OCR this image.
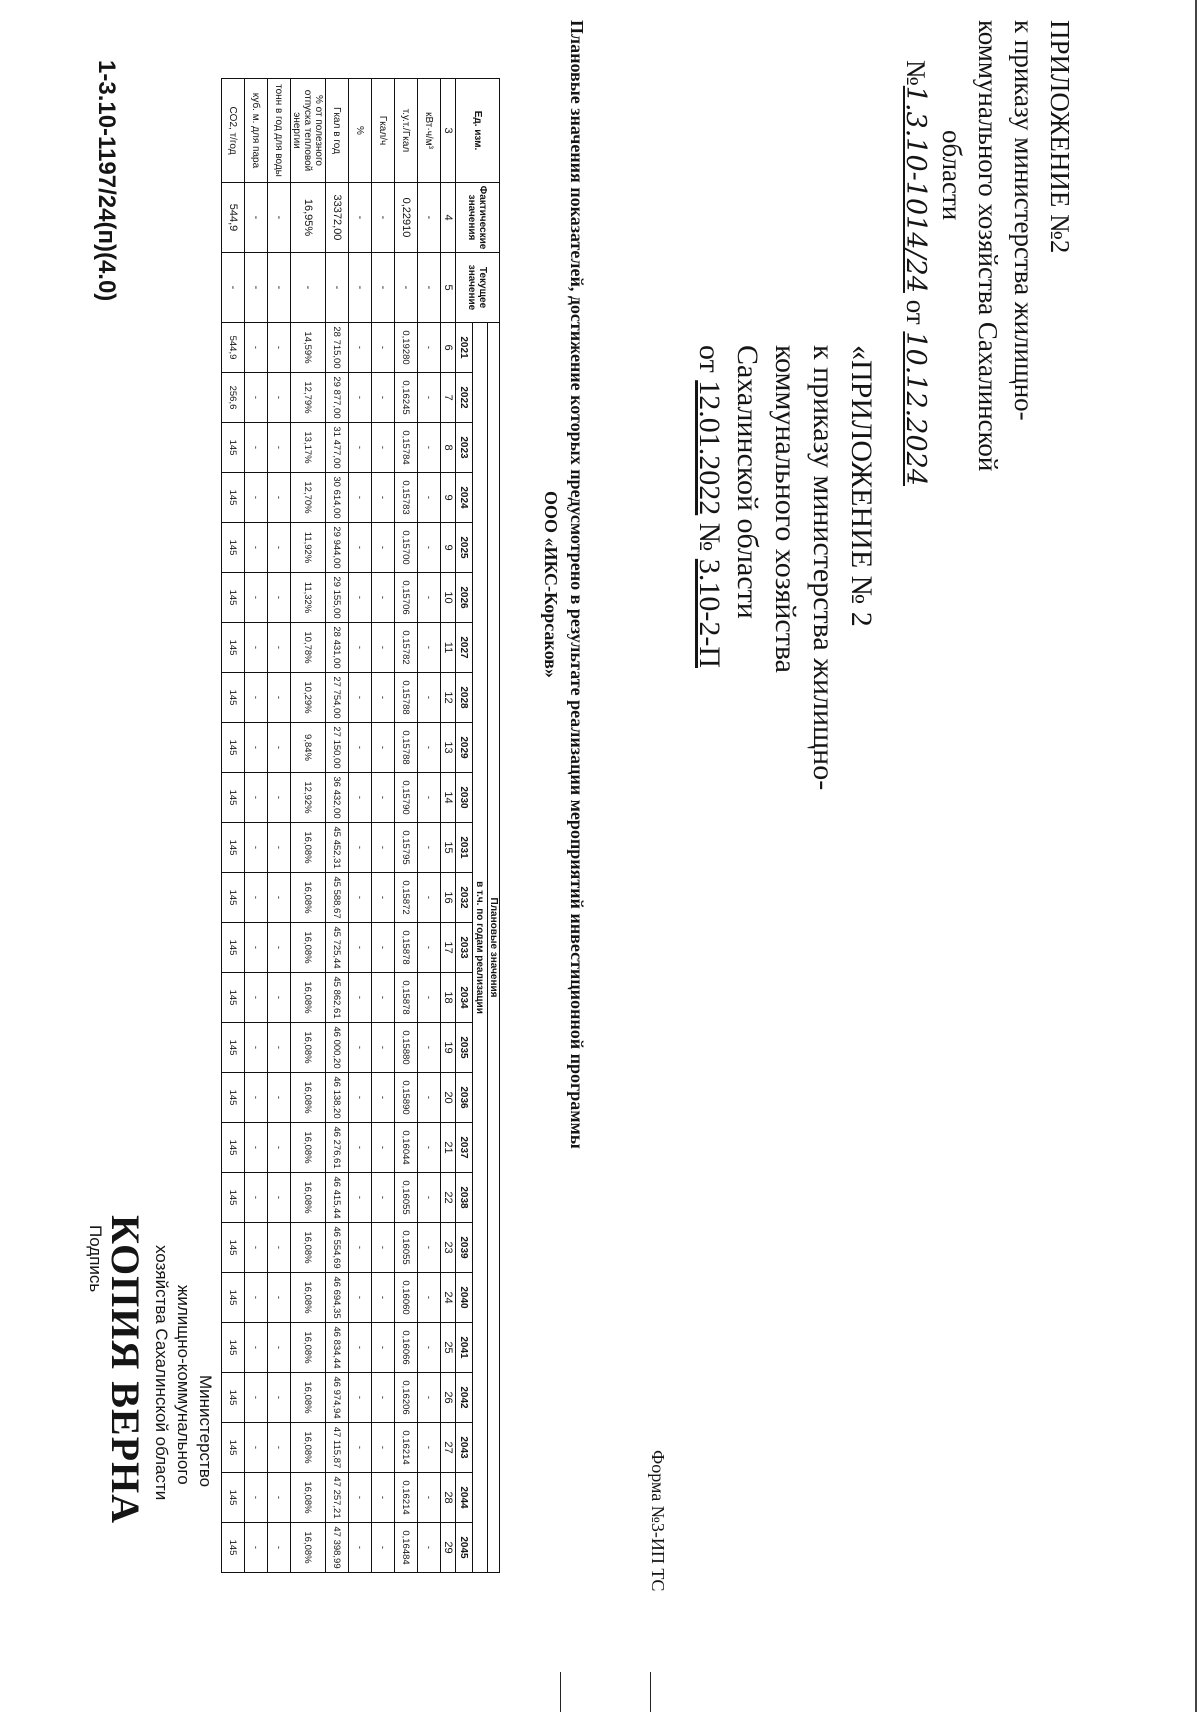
ПРИЛОЖЕНИЕ №2
к приказу министерства жилищно-
коммунального хозяйства Сахалинской
области
№1.3.10-1014/24 от 10.12.2024
«ПРИЛОЖЕНИЕ № 2
к приказу министерства жилищно-
коммунального хозяйства
Сахалинской области
от 12.01.2022 № 3.10-2-П
Форма №3-ИП ТС
Плановые значения показателей, достижение которых предусмотрено в результате реализации мероприятий инвестиционной программы
ООО «ИКС-Корсаков»
Ед. изм.	Фактические значения	Текущее значение	Плановые значения																								
			в т.ч. по годам реализации																								
			2021	2022	2023	2024	2025	2026	2027	2028	2029	2030	2031	2032	2033	2034	2035	2036	2037	2038	2039	2040	2041	2042	2043	2044	2045
3	4	5	6	7	8	9	9	10	11	12	13	14	15	16	17	18	19	20	21	22	23	24	25	26	27	28	29
кВт·ч/м³	-	-	-	-	-	-	-	-	-	-	-	-	-	-	-	-	-	-	-	-	-	-	-	-	-	-	-
т.у.т./Гкал	0,22910	-	0,19280	0,16245	0,15784	0,15783	0,15700	0,15706	0,15782	0,15788	0,15788	0,15790	0,15795	0,15872	0,15878	0,15878	0,15880	0,15890	0,16044	0,16055	0,16055	0,16060	0,16066	0,16206	0,16214	0,16214	0,16484
Гкал/ч	-	-	-	-	-	-	-	-	-	-	-	-	-	-	-	-	-	-	-	-	-	-	-	-	-	-	-
%	-	-	-	-	-	-	-	-	-	-	-	-	-	-	-	-	-	-	-	-	-	-	-	-	-	-	-
Гкал в год	33372,00	-	28 715,00	29 877,00	31 477,00	30 614,00	29 944,00	29 155,00	28 431,00	27 754,00	27 150,00	36 432,00	45 452,31	45 588,67	45 725,44	45 862,61	46 000,20	46 138,20	46 276,61	46 415,44	46 554,69	46 694,35	46 834,44	46 974,94	47 115,87	47 257,21	47 398,99
% от полезного отпуска тепловой энергии	16,95%	-	14,59%	12,79%	13,17%	12,70%	11,92%	11,32%	10,78%	10,29%	9,84%	12,92%	16,08%	16,08%	16,08%	16,08%	16,08%	16,08%	16,08%	16,08%	16,08%	16,08%	16,08%	16,08%	16,08%	16,08%	16,08%
тонн в год для воды	-	-	-	-	-	-	-	-	-	-	-	-	-	-	-	-	-	-	-	-	-	-	-	-	-	-	-
куб. м. для пара	-	-	-	-	-	-	-	-	-	-	-	-	-	-	-	-	-	-	-	-	-	-	-	-	-	-	-
CO2, т/год	544,9	-	544,9	256,6	145	145	145	145	145	145	145	145	145	145	145	145	145	145	145	145	145	145	145	145	145	145	145
1-3.10-1197/24(п)(4.0)
Министерство
жилищно-коммунального
хозяйства Сахалинской области
КОПИЯ ВЕРНА
Подпись
